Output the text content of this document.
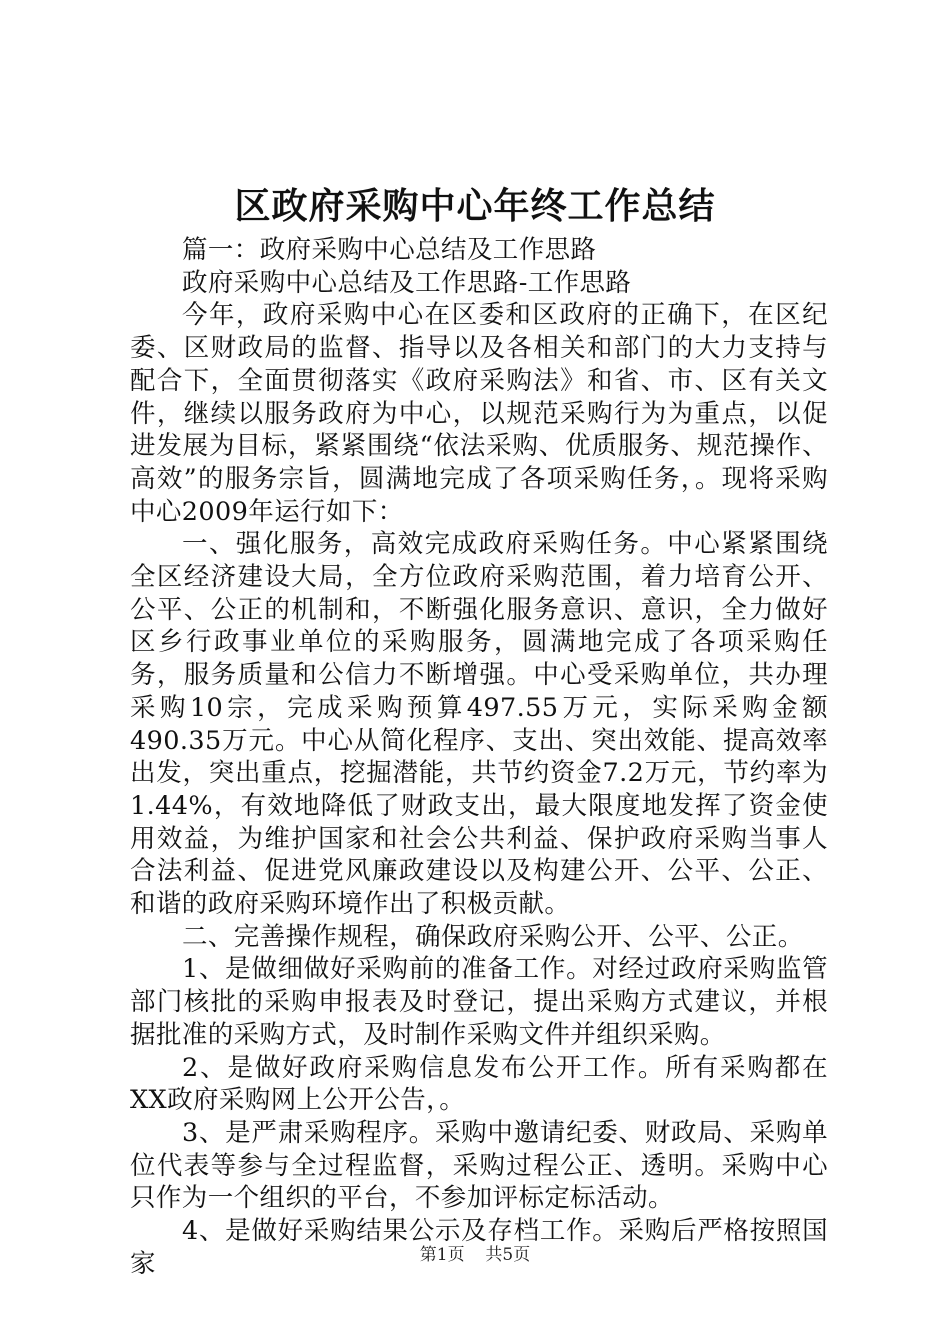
区政府采购中心年终工作总结

篇一：政府采购中心总结及工作思路

政府采购中心总结及工作思路-工作思路

今年，政府采购中心在区委和区政府的正确下，在区纪委、区财政局的监督、指导以及各相关和部门的大力支持与配合下，全面贯彻落实《政府采购法》和省、市、区有关文件，继续以服务政府为中心，以规范采购行为为重点，以促进发展为目标，紧紧围绕“依法采购、优质服务、规范操作、高效”的服务宗旨，圆满地完成了各项采购任务，。现将采购中心2009年运行如下：

一、强化服务，高效完成政府采购任务。中心紧紧围绕全区经济建设大局，全方位政府采购范围，着力培育公开、公平、公正的机制和，不断强化服务意识、意识，全力做好区乡行政事业单位的采购服务，圆满地完成了各项采购任务，服务质量和公信力不断增强。中心受采购单位，共办理采购10宗，完成采购预算497.55万元，实际采购金额490.35万元。中心从简化程序、支出、突出效能、提高效率出发，突出重点，挖掘潜能，共节约资金7.2万元，节约率为1.44%，有效地降低了财政支出，最大限度地发挥了资金使用效益，为维护国家和社会公共利益、保护政府采购当事人合法利益、促进党风廉政建设以及构建公开、公平、公正、和谐的政府采购环境作出了积极贡献。

二、完善操作规程，确保政府采购公开、公平、公正。

1、是做细做好采购前的准备工作。对经过政府采购监管部门核批的采购申报表及时登记，提出采购方式建议，并根据批准的采购方式，及时制作采购文件并组织采购。

2、是做好政府采购信息发布公开工作。所有采购都在XX政府采购网上公开公告，。

3、是严肃采购程序。采购中邀请纪委、财政局、采购单位代表等参与全过程监督，采购过程公正、透明。采购中心只作为一个组织的平台，不参加评标定标活动。

4、是做好采购结果公示及存档工作。采购后严格按照国家	第1页 共5页
